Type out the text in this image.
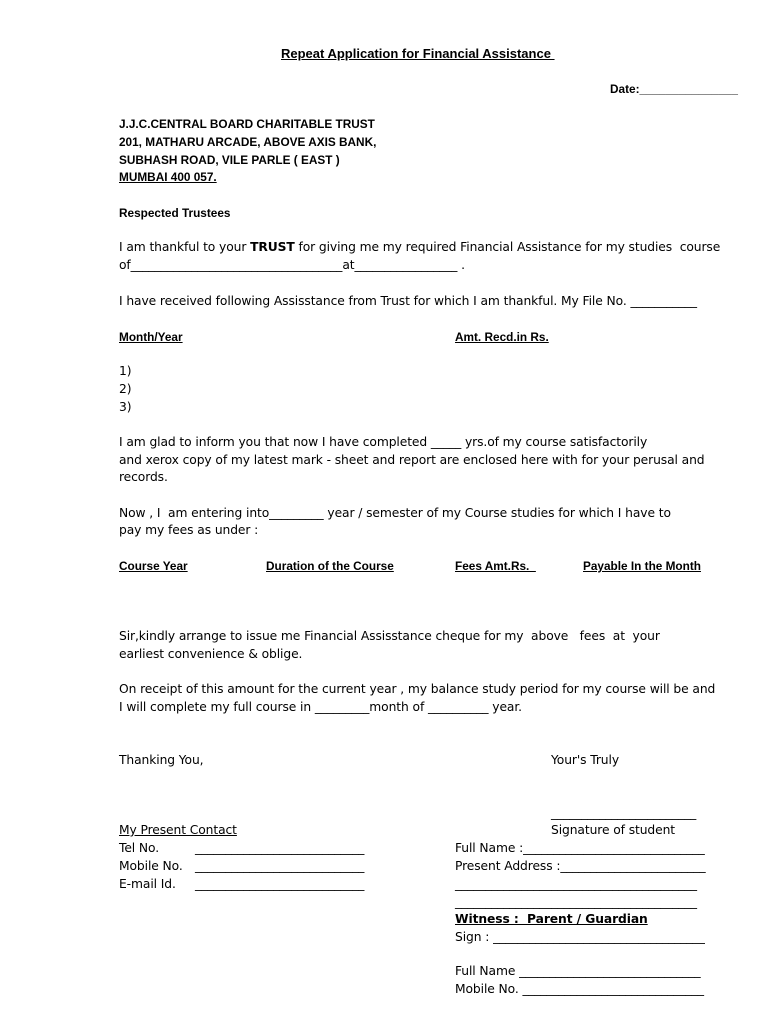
Repeat Application for Financial Assistance
Date:_______________
J.J.C.CENTRAL BOARD CHARITABLE TRUST
201, MATHARU ARCADE, ABOVE AXIS BANK,
SUBHASH ROAD, VILE PARLE ( EAST )
MUMBAI 400 057.
Respected Trustees
I am thankful to your TRUST for giving me my required Financial Assistance for my studies  course
of___________________________________at_________________ .
I have received following Assisstance from Trust for which I am thankful. My File No. ___________
Month/Year	Amt. Recd.in Rs.
1)
2)
3)
I am glad to inform you that now I have completed _____ yrs.of my course satisfactorily
and xerox copy of my latest mark - sheet and report are enclosed here with for your perusal and
records.
Now , I  am entering into_________ year / semester of my Course studies for which I have to
pay my fees as under :
Course Year	Duration of the Course	Fees Amt.Rs.	Payable In the Month
Sir,kindly arrange to issue me Financial Assisstance cheque for my  above   fees  at  your
earliest convenience & oblige.
On receipt of this amount for the current year , my balance study period for my course will be and
I will complete my full course in _________month of __________ year.
Thanking You,	Your's Truly
________________________
Signature of student
My Present Contact
Tel No.	____________________________
Mobile No. ____________________________
E-mail Id. ____________________________
Full Name :______________________________
Present Address :________________________
________________________________________
________________________________________
Witness :  Parent / Guardian
Sign : ___________________________________
Full Name ______________________________
Mobile No. ______________________________
